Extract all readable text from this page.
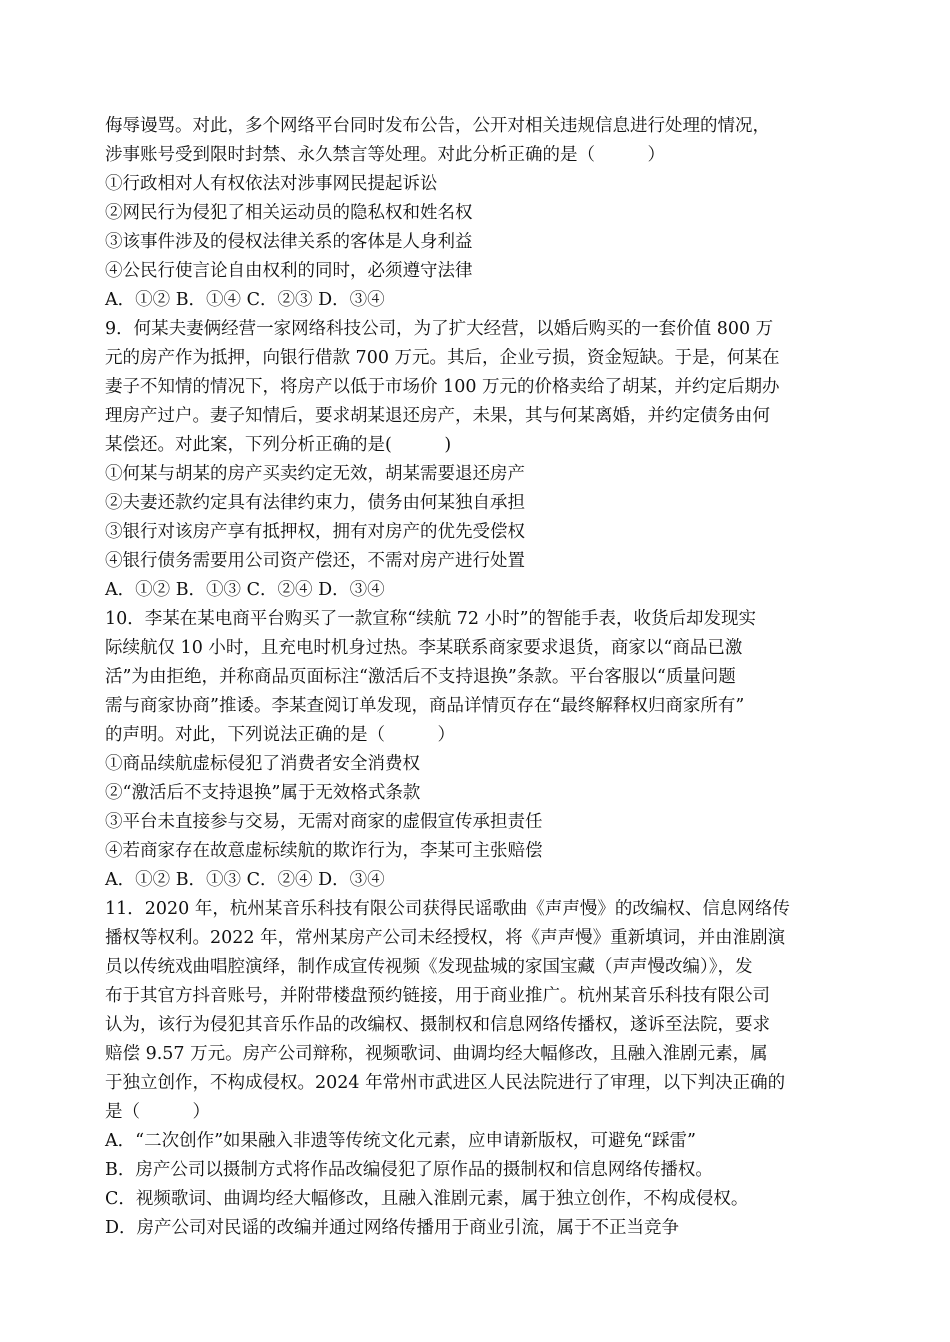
侮辱谩骂。对此，多个网络平台同时发布公告，公开对相关违规信息进行处理的情况，
涉事账号受到限时封禁、永久禁言等处理。对此分析正确的是（　　　）
①行政相对人有权依法对涉事网民提起诉讼
②网民行为侵犯了相关运动员的隐私权和姓名权
③该事件涉及的侵权法律关系的客体是人身利益
④公民行使言论自由权利的同时，必须遵守法律
A．①② B．①④ C．②③ D．③④
9．何某夫妻俩经营一家网络科技公司，为了扩大经营，以婚后购买的一套价值 800 万
元的房产作为抵押，向银行借款 700 万元。其后，企业亏损，资金短缺。于是，何某在
妻子不知情的情况下，将房产以低于市场价 100 万元的价格卖给了胡某，并约定后期办
理房产过户。妻子知情后，要求胡某退还房产，未果，其与何某离婚，并约定债务由何
某偿还。对此案，下列分析正确的是(　　　)
①何某与胡某的房产买卖约定无效，胡某需要退还房产
②夫妻还款约定具有法律约束力，债务由何某独自承担
③银行对该房产享有抵押权，拥有对房产的优先受偿权
④银行债务需要用公司资产偿还，不需对房产进行处置
A．①② B．①③ C．②④ D．③④
10．李某在某电商平台购买了一款宣称“续航 72 小时”的智能手表，收货后却发现实
际续航仅 10 小时，且充电时机身过热。李某联系商家要求退货，商家以“商品已激
活”为由拒绝，并称商品页面标注“激活后不支持退换”条款。平台客服以“质量问题
需与商家协商”推诿。李某查阅订单发现，商品详情页存在“最终解释权归商家所有”
的声明。对此，下列说法正确的是（　　　）
①商品续航虚标侵犯了消费者安全消费权
②“激活后不支持退换”属于无效格式条款
③平台未直接参与交易，无需对商家的虚假宣传承担责任
④若商家存在故意虚标续航的欺诈行为，李某可主张赔偿
A．①② B．①③ C．②④ D．③④
11．2020 年，杭州某音乐科技有限公司获得民谣歌曲《声声慢》的改编权、信息网络传
播权等权利。2022 年，常州某房产公司未经授权，将《声声慢》重新填词，并由淮剧演
员以传统戏曲唱腔演绎，制作成宣传视频《发现盐城的家国宝藏（声声慢改编）》，发
布于其官方抖音账号，并附带楼盘预约链接，用于商业推广。杭州某音乐科技有限公司
认为，该行为侵犯其音乐作品的改编权、摄制权和信息网络传播权，遂诉至法院，要求
赔偿 9.57 万元。房产公司辩称，视频歌词、曲调均经大幅修改，且融入淮剧元素，属
于独立创作，不构成侵权。2024 年常州市武进区人民法院进行了审理，以下判决正确的
是（　　　）
A．“二次创作”如果融入非遗等传统文化元素，应申请新版权，可避免“踩雷”
B．房产公司以摄制方式将作品改编侵犯了原作品的摄制权和信息网络传播权。
C．视频歌词、曲调均经大幅修改，且融入淮剧元素，属于独立创作，不构成侵权。
D．房产公司对民谣的改编并通过网络传播用于商业引流，属于不正当竞争
